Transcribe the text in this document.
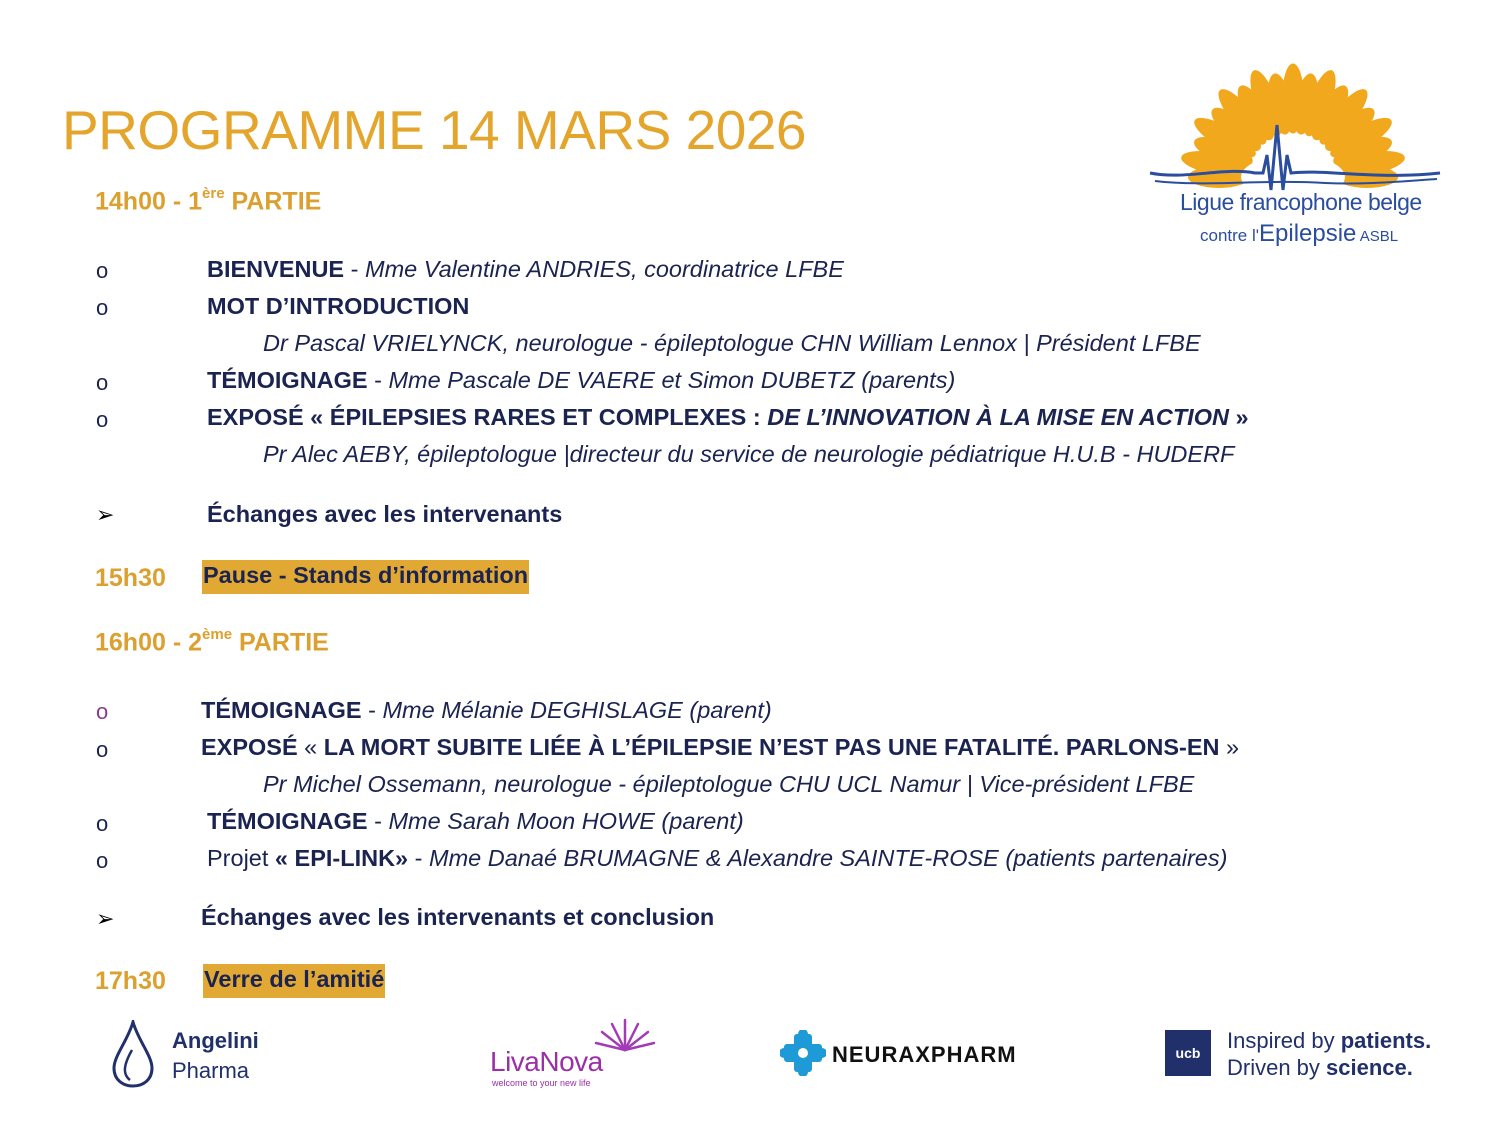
PROGRAMME 14 MARS 2026
Ligue francophone belge
contre l'Epilepsie ASBL
14h00 - 1ère PARTIE
o	BIENVENUE - Mme Valentine ANDRIES, coordinatrice LFBE
o	MOT D’INTRODUCTION
Dr Pascal VRIELYNCK, neurologue - épileptologue CHN William Lennox | Président LFBE
o	TÉMOIGNAGE - Mme Pascale DE VAERE et Simon DUBETZ (parents)
o	EXPOSÉ « ÉPILEPSIES RARES ET COMPLEXES : DE L’INNOVATION À LA MISE EN ACTION »
Pr Alec AEBY, épileptologue |directeur du service de neurologie pédiatrique H.U.B - HUDERF
➢	Échanges avec les intervenants
15h30 Pause - Stands d’information
16h00 - 2ème PARTIE
o	TÉMOIGNAGE - Mme Mélanie DEGHISLAGE (parent)
o	EXPOSÉ « LA MORT SUBITE LIÉE À L’ÉPILEPSIE N’EST PAS UNE FATALITÉ. PARLONS-EN »
Pr Michel Ossemann, neurologue - épileptologue CHU UCL Namur | Vice-président LFBE
o	TÉMOIGNAGE - Mme Sarah Moon HOWE (parent)
o	Projet « EPI-LINK» - Mme Danaé BRUMAGNE & Alexandre SAINTE-ROSE (patients partenaires)
➢	Échanges avec les intervenants et conclusion
17h30 Verre de l’amitié
Angelini
Pharma	LivaNova
welcome to your new life
NEURAXPHARM	ucb	Inspired by patients.
Driven by science.
